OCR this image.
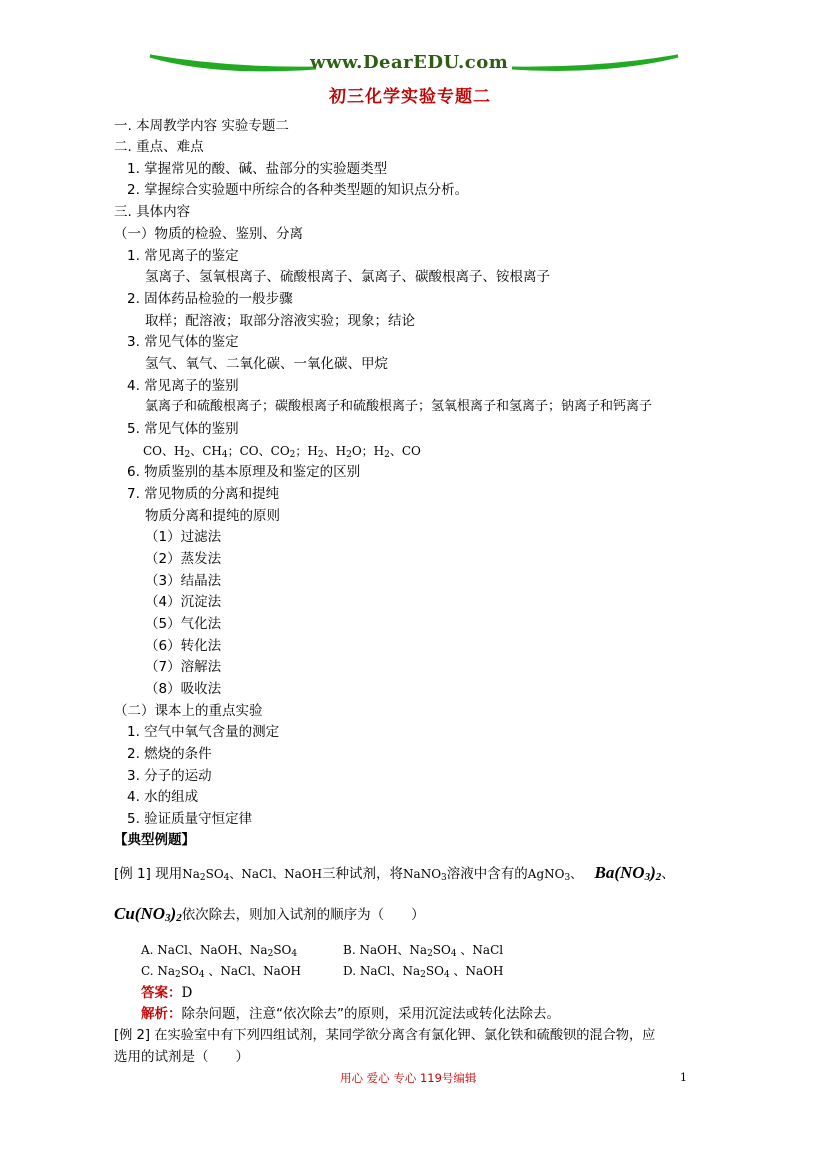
www.DearEDU.com
初三化学实验专题二
一. 本周教学内容 实验专题二
二. 重点、难点
1. 掌握常见的酸、碱、盐部分的实验题类型
2. 掌握综合实验题中所综合的各种类型题的知识点分析。
三. 具体内容
（一）物质的检验、鉴别、分离
1. 常见离子的鉴定
氢离子、氢氧根离子、硫酸根离子、氯离子、碳酸根离子、铵根离子
2. 固体药品检验的一般步骤
取样；配溶液；取部分溶液实验；现象；结论
3. 常见气体的鉴定
氢气、氧气、二氧化碳、一氧化碳、甲烷
4. 常见离子的鉴别
氯离子和硫酸根离子；碳酸根离子和硫酸根离子；氢氧根离子和氢离子；钠离子和钙离子
5. 常见气体的鉴别
CO、$H_2$、$CH_4$；CO、$CO_2$；$H_2$、$H_2O$；$H_2$、CO
6. 物质鉴别的基本原理及和鉴定的区别
7. 常见物质的分离和提纯
物质分离和提纯的原则
（1）过滤法
（2）蒸发法
（3）结晶法
（4）沉淀法
（5）气化法
（6）转化法
（7）溶解法
（8）吸收法
（二）课本上的重点实验
1. 空气中氧气含量的测定
2. 燃烧的条件
3. 分子的运动
4. 水的组成
5. 验证质量守恒定律
【典型例题】
[例 1] 现用$Na_2SO_4$、NaCl、NaOH三种试剂，将NaNO$_3$溶液中含有的AgNO$_3$、 $Ba(NO_3)_2$、
$Cu(NO_3)_2$依次除去，则加入试剂的顺序为（　　）
A. NaCl、NaOH、$Na_2SO_4$	B. NaOH、$Na_2SO_4$ 、NaCl
C. $Na_2SO_4$ 、NaCl、NaOH	D. NaCl、$Na_2SO_4$ 、NaOH
答案：D
解析：除杂问题，注意“依次除去”的原则，采用沉淀法或转化法除去。
[例 2] 在实验室中有下列四组试剂，某同学欲分离含有氯化钾、氯化铁和硫酸钡的混合物，应
选用的试剂是（　　）
用心 爱心 专心 119号编辑	1
